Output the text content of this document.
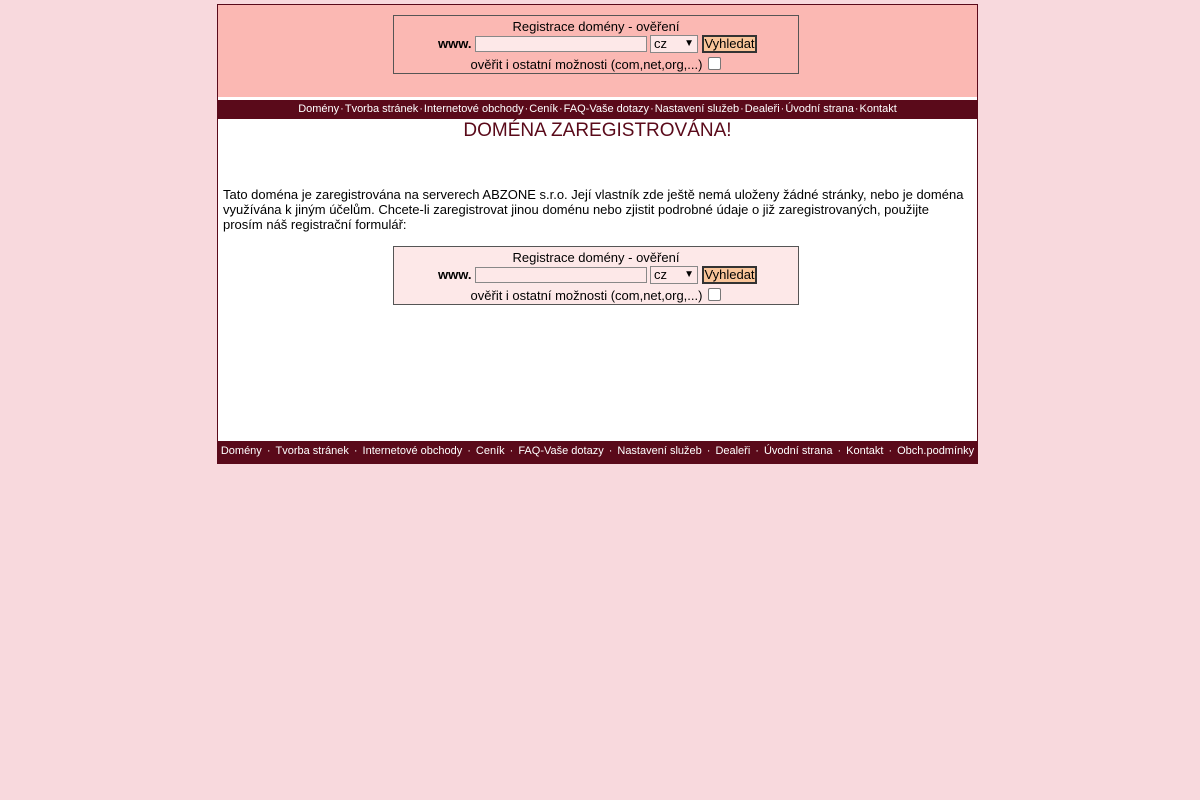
Registrace domény - ověření
www.	cz ▼ Vyhledat
ověřit i ostatní možnosti (com,net,org,...)
Domény·Tvorba stránek·Internetové obchody·Ceník·FAQ-Vaše dotazy·Nastavení služeb·Dealeři·Úvodní strana·Kontakt
DOMÉNA ZAREGISTROVÁNA!
Tato doména je zaregistrována na serverech ABZONE s.r.o. Její vlastník zde ještě nemá uloženy žádné stránky, nebo je doména využívána k jiným účelům. Chcete-li zaregistrovat jinou doménu nebo zjistit podrobné údaje o již zaregistrovaných, použijte prosím náš registrační formulář:
Registrace domény - ověření
www.	cz ▼ Vyhledat
ověřit i ostatní možnosti (com,net,org,...)
Domény · Tvorba stránek · Internetové obchody · Ceník · FAQ-Vaše dotazy · Nastavení služeb · Dealeři · Úvodní strana · Kontakt · Obch.podmínky
